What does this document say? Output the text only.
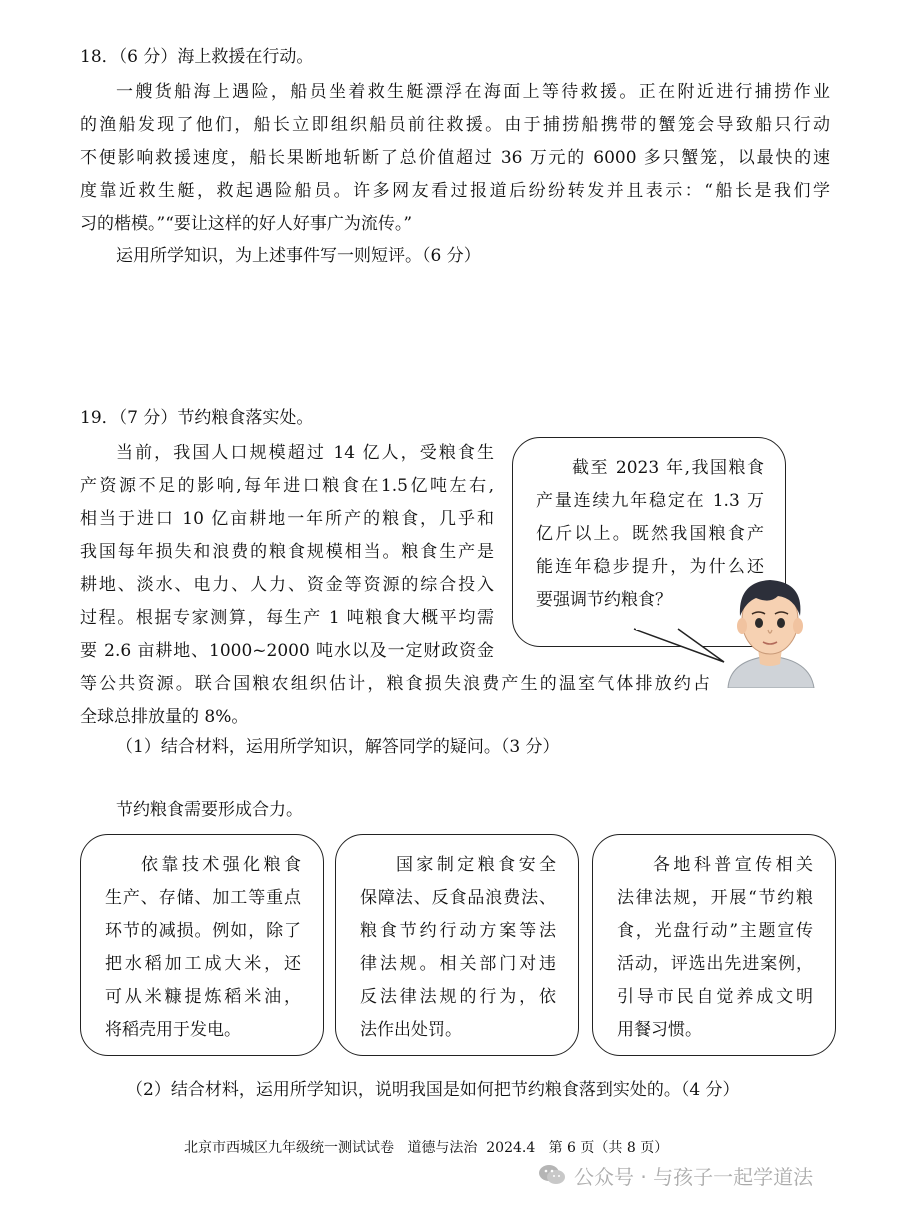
18．（6 分）海上救援在行动。
一艘货船海上遇险，船员坐着救生艇漂浮在海面上等待救援。正在附近进行捕捞作业
的渔船发现了他们，船长立即组织船员前往救援。由于捕捞船携带的蟹笼会导致船只行动
不便影响救援速度，船长果断地斩断了总价值超过 36 万元的 6000 多只蟹笼，以最快的速
度靠近救生艇，救起遇险船员。许多网友看过报道后纷纷转发并且表示：“船长是我们学
习的楷模。”“要让这样的好人好事广为流传。”
运用所学知识，为上述事件写一则短评。（6 分）
19．（7 分）节约粮食落实处。
当前，我国人口规模超过 14 亿人，受粮食生
产资源不足的影响,每年进口粮食在1.5亿吨左右,
相当于进口 10 亿亩耕地一年所产的粮食，几乎和
我国每年损失和浪费的粮食规模相当。粮食生产是
耕地、淡水、电力、人力、资金等资源的综合投入
过程。根据专家测算，每生产 1 吨粮食大概平均需
要 2.6 亩耕地、1000~2000 吨水以及一定财政资金
等公共资源。联合国粮农组织估计，粮食损失浪费产生的温室气体排放约占
全球总排放量的 8%。
截至 2023 年,我国粮食
产量连续九年稳定在 1.3 万
亿斤以上。既然我国粮食产
能连年稳步提升，为什么还
要强调节约粮食？
（1）结合材料，运用所学知识，解答同学的疑问。（3 分）
节约粮食需要形成合力。
依靠技术强化粮食
生产、存储、加工等重点
环节的减损。例如，除了
把水稻加工成大米，还
可从米糠提炼稻米油，
将稻壳用于发电。
国家制定粮食安全
保障法、反食品浪费法、
粮食节约行动方案等法
律法规。相关部门对违
反法律法规的行为，依
法作出处罚。
各地科普宣传相关
法律法规，开展“节约粮
食，光盘行动”主题宣传
活动，评选出先进案例，
引导市民自觉养成文明
用餐习惯。
（2）结合材料，运用所学知识，说明我国是如何把节约粮食落到实处的。（4 分）
北京市西城区九年级统一测试试卷   道德与法治  2024.4   第 6 页（共 8 页）
公众号 · 与孩子一起学道法
